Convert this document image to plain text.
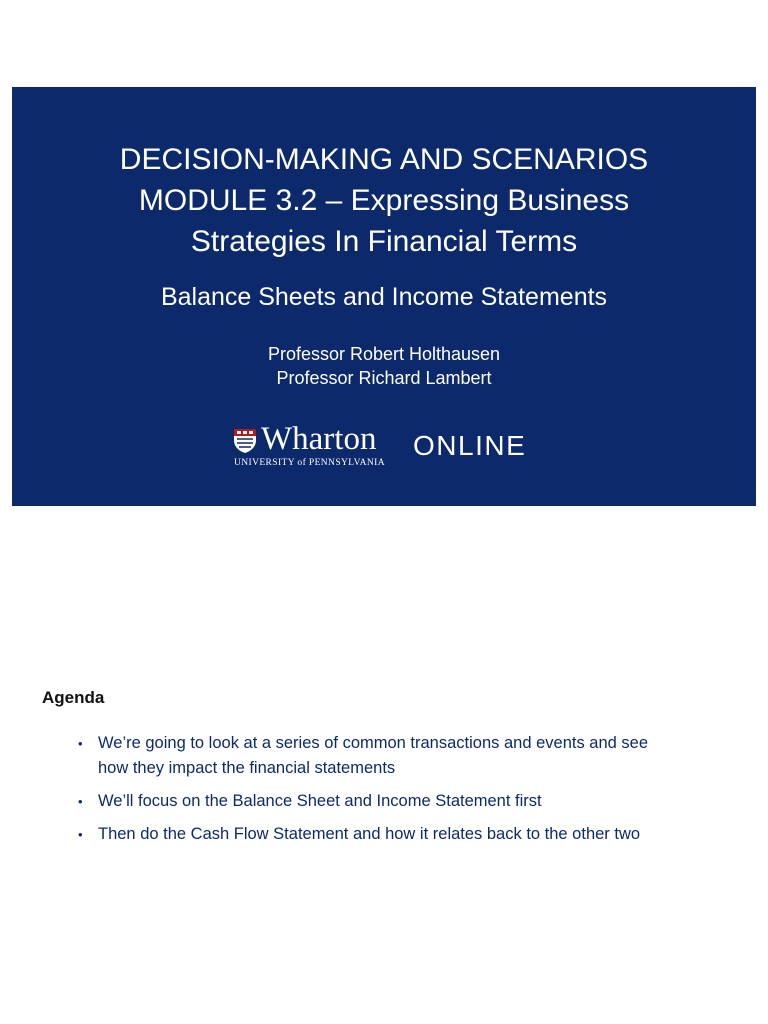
DECISION-MAKING AND SCENARIOS
MODULE 3.2 – Expressing Business
Strategies In Financial Terms
Balance Sheets and Income Statements
Professor Robert Holthausen
Professor Richard Lambert
Wharton
UNIVERSITY of PENNSYLVANIA
ONLINE
Agenda
• We’re going to look at a series of common transactions and events and see how they impact the financial statements
• We’ll focus on the Balance Sheet and Income Statement first
• Then do the Cash Flow Statement and how it relates back to the other two
